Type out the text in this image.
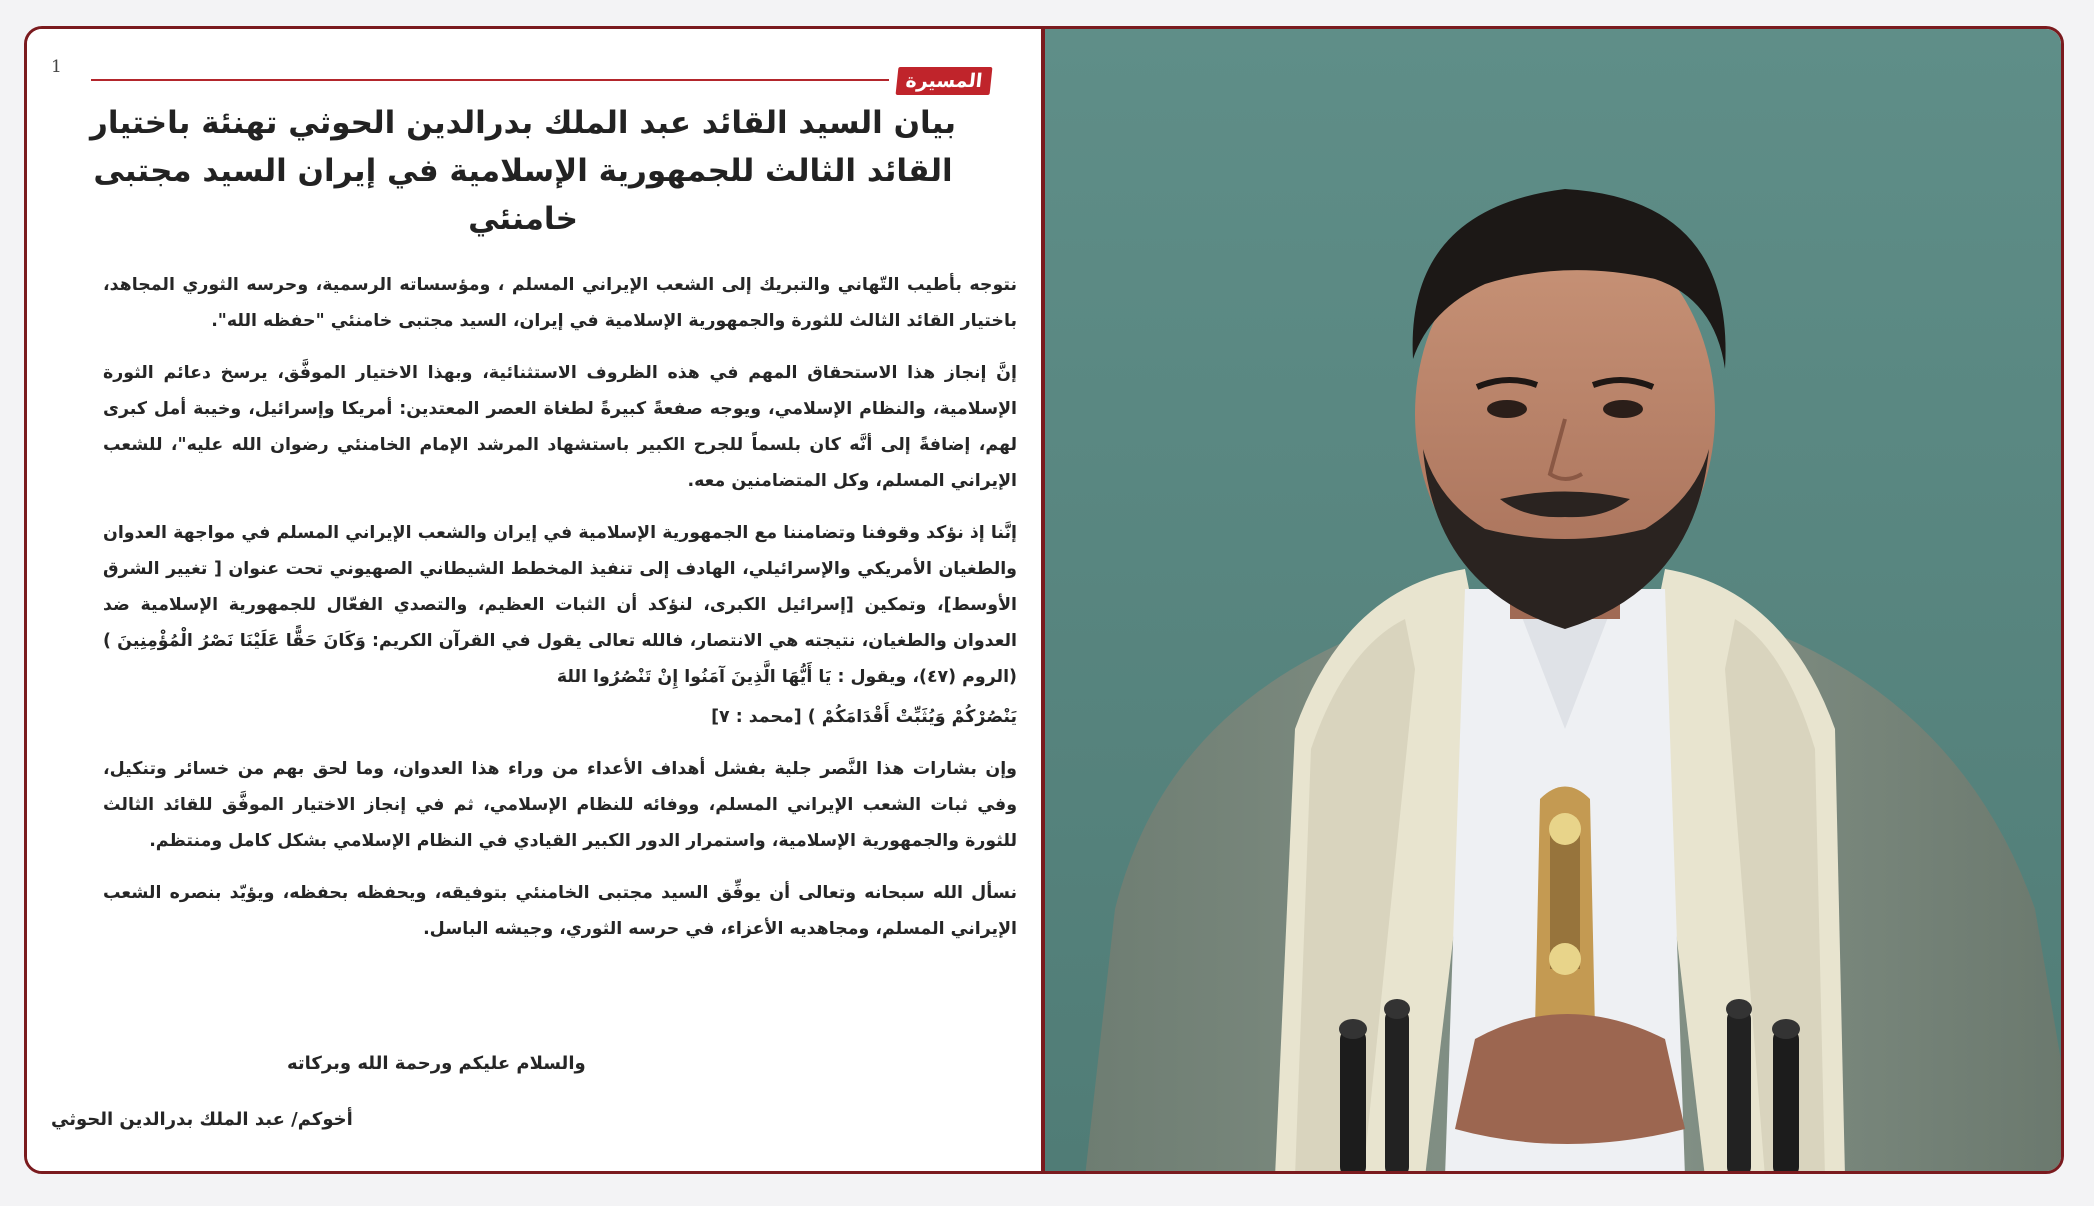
1
المسيرة
بيان السيد القائد عبد الملك بدرالدين الحوثي تهنئة باختيار القائد الثالث للجمهورية الإسلامية في إيران السيد مجتبى خامنئي

نتوجه بأطيب التّهاني والتبريك إلى الشعب الإيراني المسلم ، ومؤسساته الرسمية، وحرسه الثوري المجاهد، باختيار القائد الثالث للثورة والجمهورية الإسلامية في إيران، السيد مجتبى خامنئي "حفظه الله".

إنَّ إنجاز هذا الاستحقاق المهم في هذه الظروف الاستثنائية، وبهذا الاختيار الموفَّق، يرسخ دعائم الثورة الإسلامية، والنظام الإسلامي، ويوجه صفعةً كبيرةً لطغاة العصر المعتدين: أمريكا وإسرائيل، وخيبة أمل كبرى لهم، إضافةً إلى أنَّه كان بلسماً للجرح الكبير باستشهاد المرشد الإمام الخامنئي رضوان الله عليه"، للشعب الإيراني المسلم، وكل المتضامنين معه.

إنَّنا إذ نؤكد وقوفنا وتضامننا مع الجمهورية الإسلامية في إيران والشعب الإيراني المسلم في مواجهة العدوان والطغيان الأمريكي والإسرائيلي، الهادف إلى تنفيذ المخطط الشيطاني الصهيوني تحت عنوان [ تغيير الشرق الأوسط]، وتمكين [إسرائيل الكبرى، لنؤكد أن الثبات العظيم، والتصدي الفعّال للجمهورية الإسلامية ضد العدوان والطغيان، نتيجته هي الانتصار، فالله تعالى يقول في القرآن الكريم: وَكَانَ حَقًّا عَلَيْنَا نَصْرُ الْمُؤْمِنِينَ ) (الروم (٤٧)، ويقول : يَا أَيُّهَا الَّذِينَ آمَنُوا إِنْ تَنْصُرُوا اللهَ

يَنْصُرْكُمْ وَيُثَبِّتْ أَقْدَامَكُمْ ) [محمد : ٧]

وإن بشارات هذا النَّصر جلية بفشل أهداف الأعداء من وراء هذا العدوان، وما لحق بهم من خسائر وتنكيل، وفي ثبات الشعب الإيراني المسلم، ووفائه للنظام الإسلامي، ثم في إنجاز الاختيار الموفَّق للقائد الثالث للثورة والجمهورية الإسلامية، واستمرار الدور الكبير القيادي في النظام الإسلامي بشكل كامل ومنتظم.

نسأل الله سبحانه وتعالى أن يوفِّق السيد مجتبى الخامنئي بتوفيقه، ويحفظه بحفظه، ويؤيّد بنصره الشعب الإيراني المسلم، ومجاهديه الأعزاء، في حرسه الثوري، وجيشه الباسل.

والسلام عليكم ورحمة الله وبركاته
أخوكم/ عبد الملك بدرالدين الحوثي
